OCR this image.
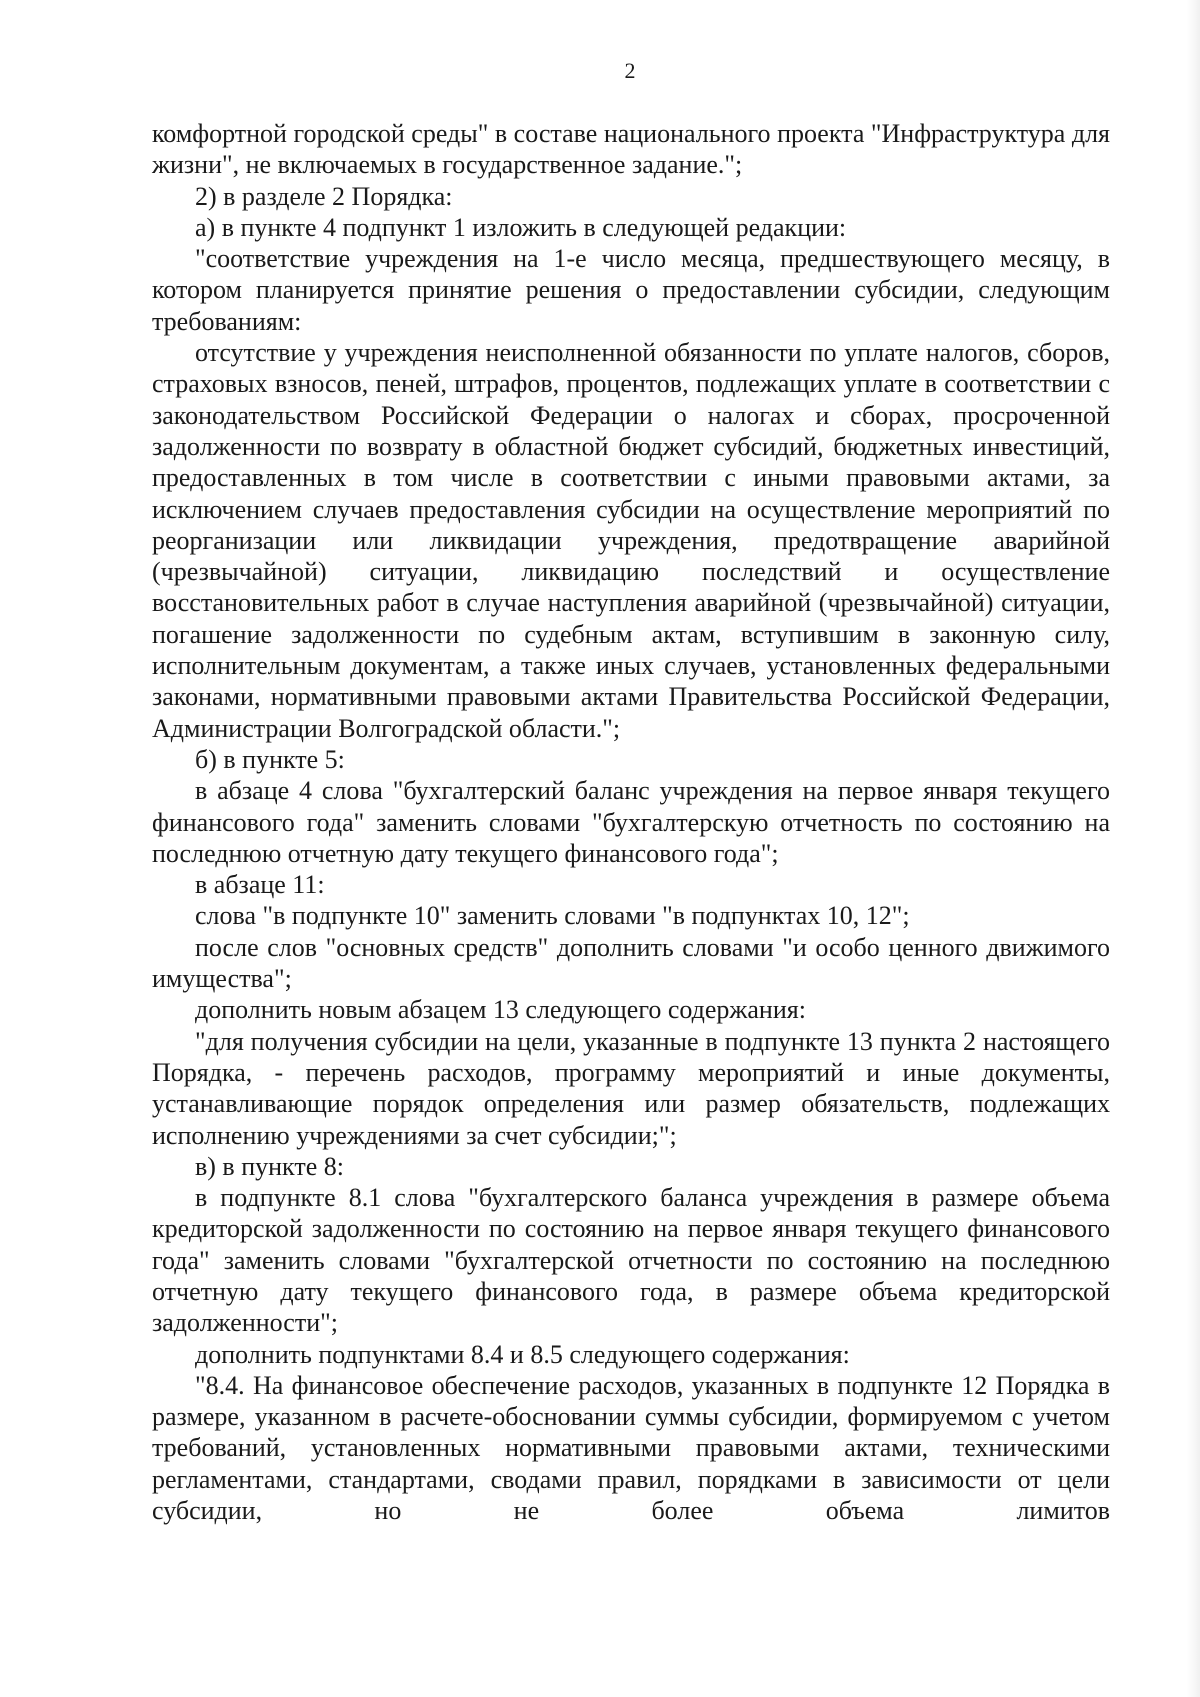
2

комфортной городской среды" в составе национального проекта "Инфраструктура для жизни", не включаемых в государственное задание.";

2) в разделе 2 Порядка:

а) в пункте 4 подпункт 1 изложить в следующей редакции:

"соответствие учреждения на 1-е число месяца, предшествующего месяцу, в котором планируется принятие решения о предоставлении субсидии, следующим требованиям:

отсутствие у учреждения неисполненной обязанности по уплате налогов, сборов, страховых взносов, пеней, штрафов, процентов, подлежащих уплате в соответствии с законодательством Российской Федерации о налогах и сборах, просроченной задолженности по возврату в областной бюджет субсидий, бюджетных инвестиций, предоставленных в том числе в соответствии с иными правовыми актами, за исключением случаев предоставления субсидии на осуществление мероприятий по реорганизации или ликвидации учреждения, предотвращение аварийной (чрезвычайной) ситуации, ликвидацию последствий и осуществление восстановительных работ в случае наступления аварийной (чрезвычайной) ситуации, погашение задолженности по судебным актам, вступившим в законную силу, исполнительным документам, а также иных случаев, установленных федеральными законами, нормативными правовыми актами Правительства Российской Федерации, Администрации Волгоградской области.";

б) в пункте 5:

в абзаце 4 слова "бухгалтерский баланс учреждения на первое января текущего финансового года" заменить словами "бухгалтерскую отчетность по состоянию на последнюю отчетную дату текущего финансового года";

в абзаце 11:

слова "в подпункте 10" заменить словами "в подпунктах 10, 12";

после слов "основных средств" дополнить словами "и особо ценного движимого имущества";

дополнить новым абзацем 13 следующего содержания:

"для получения субсидии на цели, указанные в подпункте 13 пункта 2 настоящего Порядка, - перечень расходов, программу мероприятий и иные документы, устанавливающие порядок определения или размер обязательств, подлежащих исполнению учреждениями за счет субсидии;";

в) в пункте 8:

в подпункте 8.1 слова "бухгалтерского баланса учреждения в размере объема кредиторской задолженности по состоянию на первое января текущего финансового года" заменить словами "бухгалтерской отчетности по состоянию на последнюю отчетную дату текущего финансового года, в размере объема кредиторской задолженности";

дополнить подпунктами 8.4 и 8.5 следующего содержания:

"8.4. На финансовое обеспечение расходов, указанных в подпункте 12 Порядка в размере, указанном в расчете-обосновании суммы субсидии, формируемом с учетом требований, установленных нормативными правовыми актами, техническими регламентами, стандартами, сводами правил, порядками в зависимости от цели субсидии, но не более объема лимитов
